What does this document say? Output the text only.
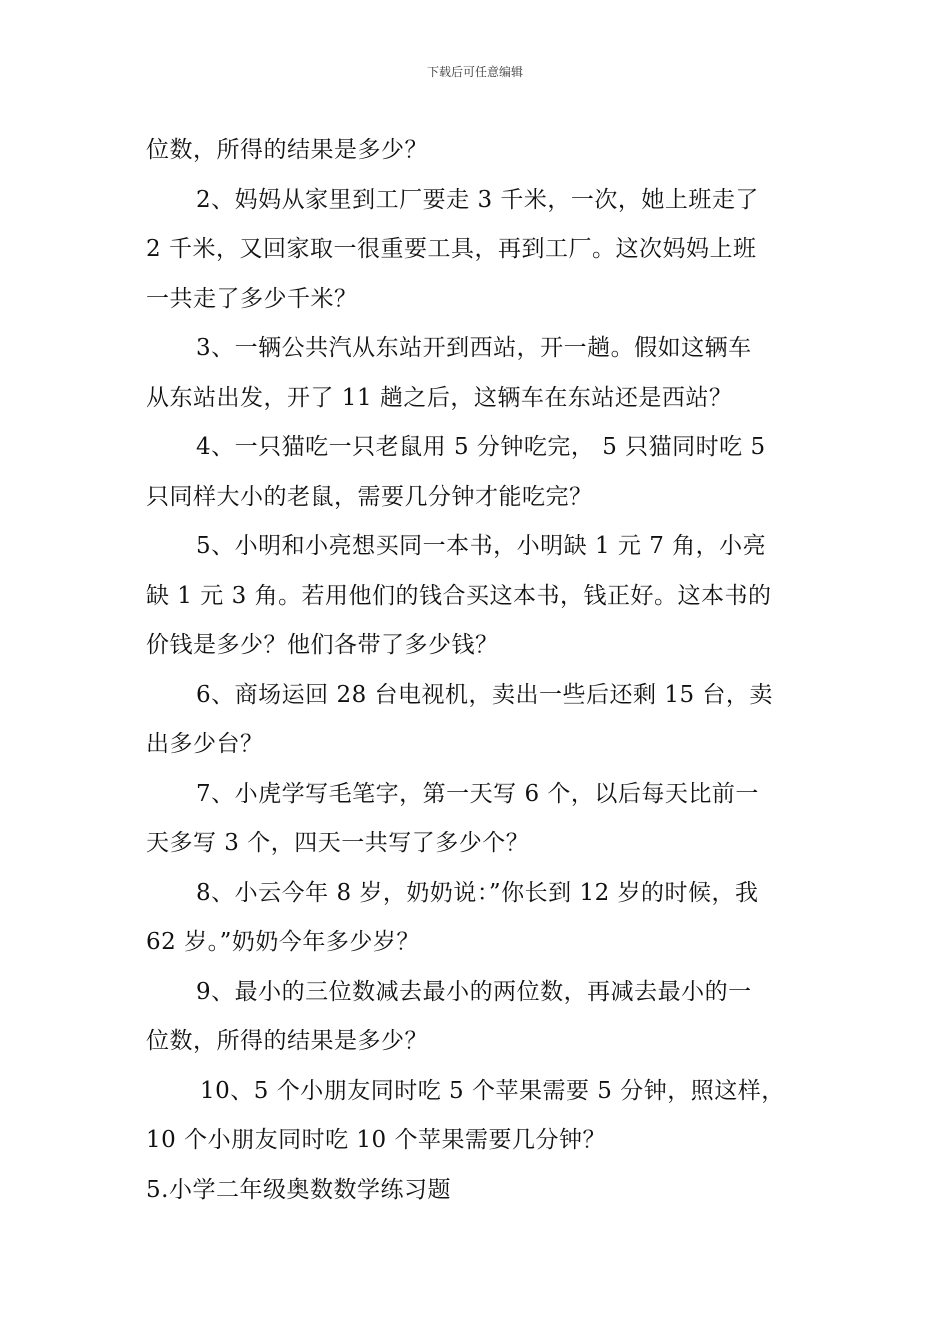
下载后可任意编辑
位数，所得的结果是多少？
2、妈妈从家里到工厂要走 3 千米，一次，她上班走了
2 千米，又回家取一很重要工具，再到工厂。这次妈妈上班
一共走了多少千米？
3、一辆公共汽从东站开到西站，开一趟。假如这辆车
从东站出发，开了 11 趟之后，这辆车在东站还是西站？
4、一只猫吃一只老鼠用 5 分钟吃完， 5 只猫同时吃 5
只同样大小的老鼠，需要几分钟才能吃完？
5、小明和小亮想买同一本书，小明缺 1 元 7 角，小亮
缺 1 元 3 角。若用他们的钱合买这本书，钱正好。这本书的
价钱是多少？他们各带了多少钱？
6、商场运回 28 台电视机，卖出一些后还剩 15 台，卖
出多少台？
7、小虎学写毛笔字，第一天写 6 个，以后每天比前一
天多写 3 个，四天一共写了多少个？
8、小云今年 8 岁，奶奶说：”你长到 12 岁的时候，我
62 岁。”奶奶今年多少岁？
9、最小的三位数减去最小的两位数，再减去最小的一
位数，所得的结果是多少？
10、5 个小朋友同时吃 5 个苹果需要 5 分钟，照这样，
10 个小朋友同时吃 10 个苹果需要几分钟？
5.小学二年级奥数数学练习题
